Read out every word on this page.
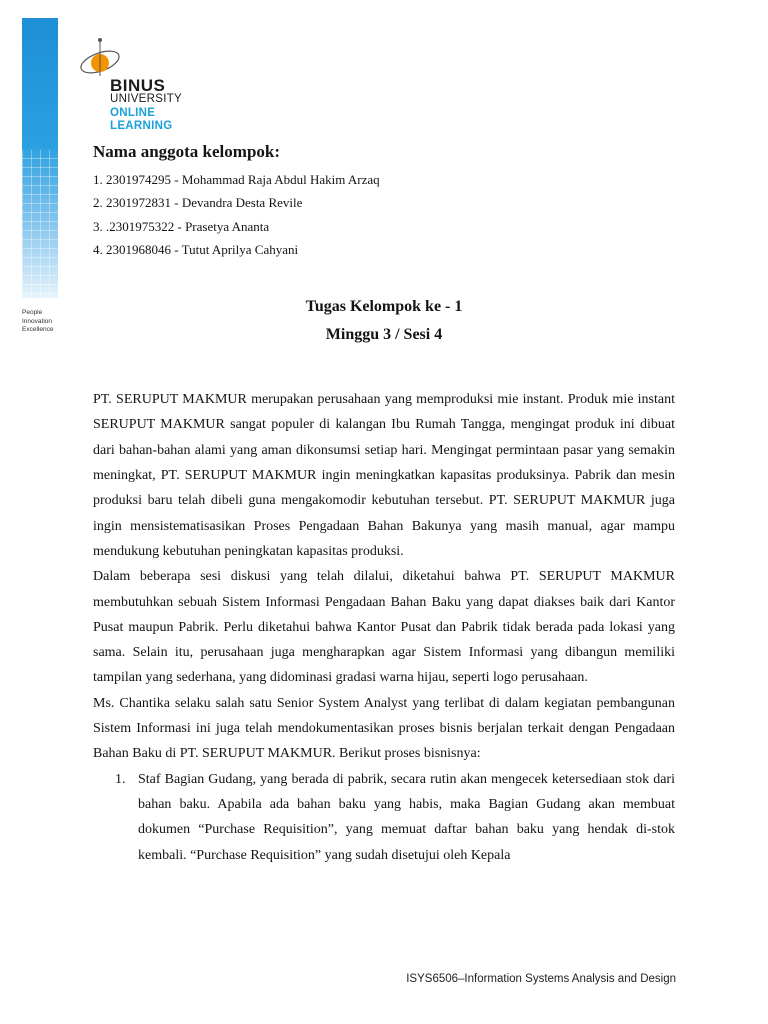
People
Innovation
Excellence
BINUS
UNIVERSITY
ONLINE
LEARNING
Nama anggota kelompok:
1. 2301974295 - Mohammad Raja Abdul Hakim Arzaq
2. 2301972831 - Devandra Desta Revile
3. .2301975322 - Prasetya Ananta
4. 2301968046 - Tutut Aprilya Cahyani
Tugas Kelompok ke - 1
Minggu 3 / Sesi 4

PT. SERUPUT MAKMUR merupakan perusahaan yang memproduksi mie instant. Produk mie instant SERUPUT MAKMUR sangat populer di kalangan Ibu Rumah Tangga, mengingat produk ini dibuat dari bahan-bahan alami yang aman dikonsumsi setiap hari. Mengingat permintaan pasar yang semakin meningkat, PT. SERUPUT MAKMUR ingin meningkatkan kapasitas produksinya. Pabrik dan mesin produksi baru telah dibeli guna mengakomodir kebutuhan tersebut. PT. SERUPUT MAKMUR juga ingin mensistematisasikan Proses Pengadaan Bahan Bakunya yang masih manual, agar mampu mendukung kebutuhan peningkatan kapasitas produksi.

Dalam beberapa sesi diskusi yang telah dilalui, diketahui bahwa PT. SERUPUT MAKMUR membutuhkan sebuah Sistem Informasi Pengadaan Bahan Baku yang dapat diakses baik dari Kantor Pusat maupun Pabrik. Perlu diketahui bahwa Kantor Pusat dan Pabrik tidak berada pada lokasi yang sama. Selain itu, perusahaan juga mengharapkan agar Sistem Informasi yang dibangun memiliki tampilan yang sederhana, yang didominasi gradasi warna hijau, seperti logo perusahaan.

Ms. Chantika selaku salah satu Senior System Analyst yang terlibat di dalam kegiatan pembangunan Sistem Informasi ini juga telah mendokumentasikan proses bisnis berjalan terkait dengan Pengadaan Bahan Baku di PT. SERUPUT MAKMUR. Berikut proses bisnisnya:

1. Staf Bagian Gudang, yang berada di pabrik, secara rutin akan mengecek ketersediaan stok dari bahan baku. Apabila ada bahan baku yang habis, maka Bagian Gudang akan membuat dokumen “Purchase Requisition”, yang memuat daftar bahan baku yang hendak di-stok kembali. “Purchase Requisition” yang sudah disetujui oleh Kepala
ISYS6506–Information Systems Analysis and Design
